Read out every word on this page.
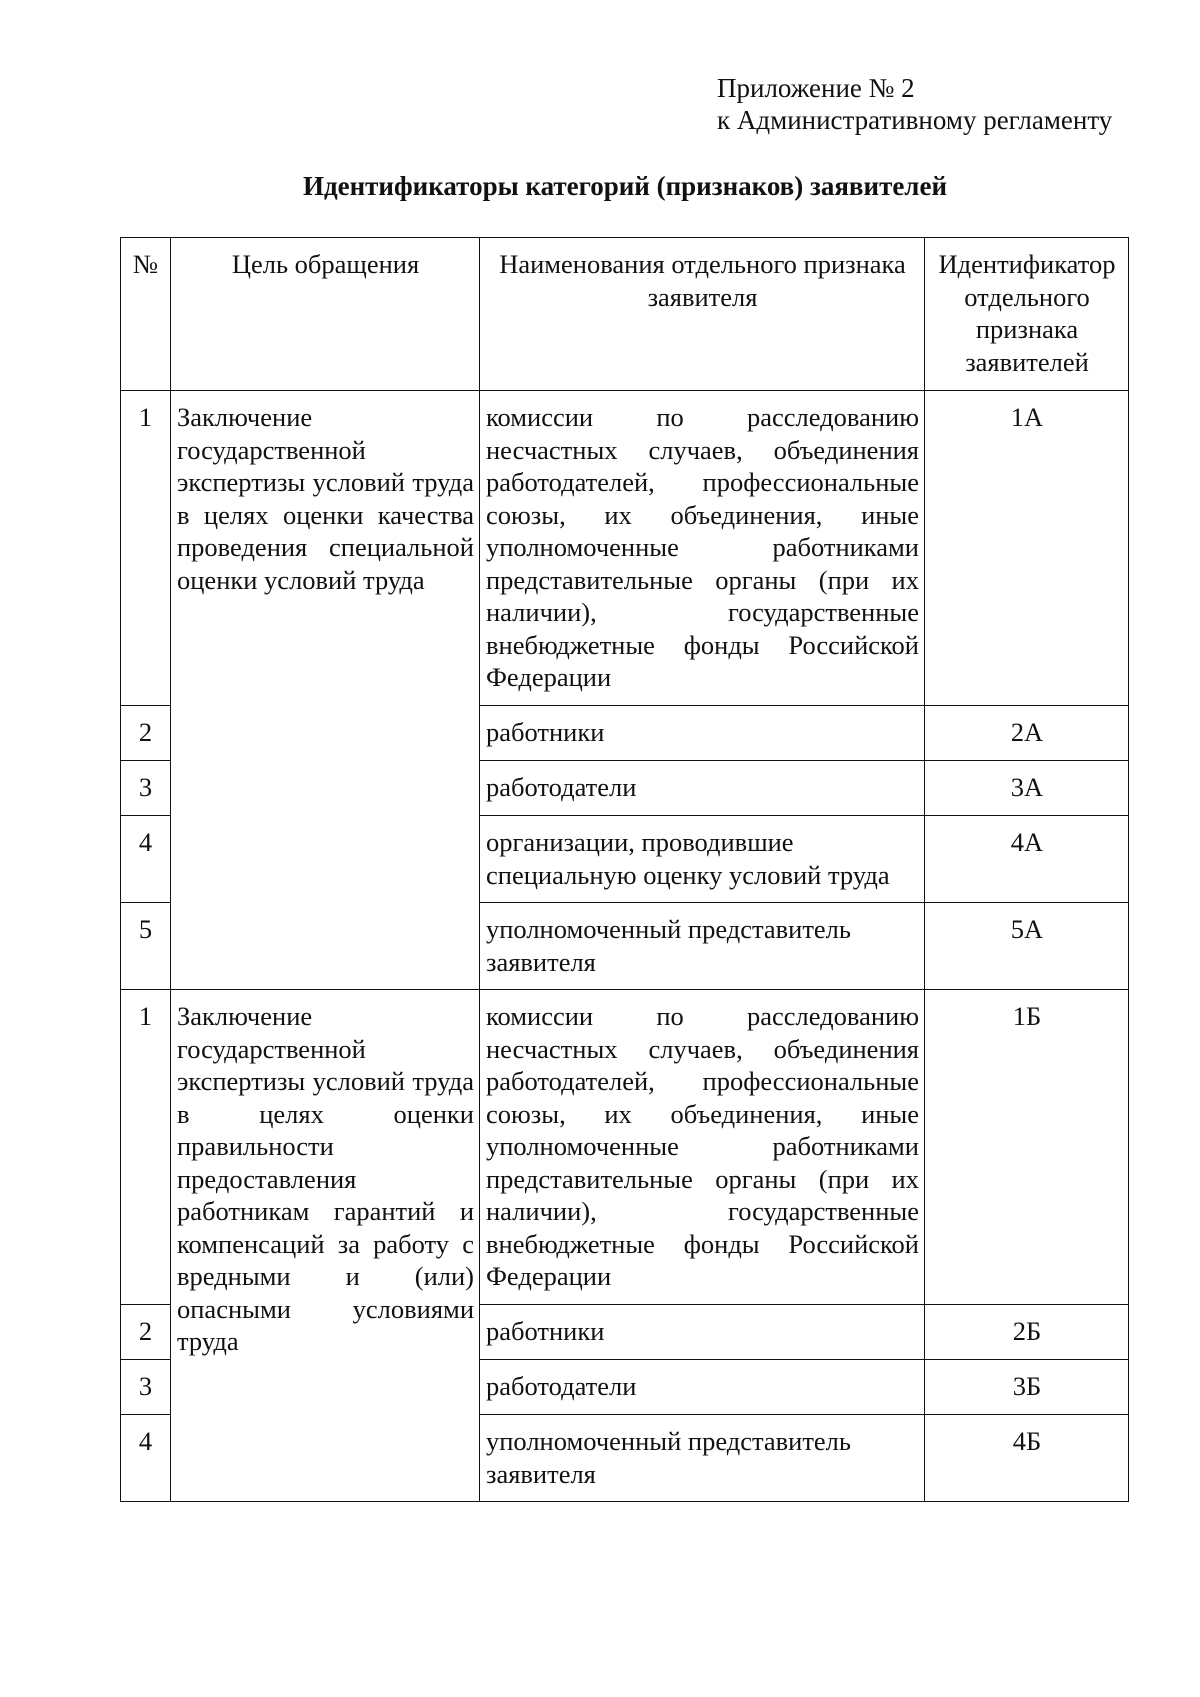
Приложение № 2
к Административному регламенту
Идентификаторы категорий (признаков) заявителей
№	Цель обращения	Наименования отдельного признака заявителя	Идентификатор отдельного признака заявителей
1	Заключение государственной экспертизы условий труда в целях оценки качества проведения специальной оценки условий труда	комиссии по расследованию несчастных случаев, объединения работодателей, профессиональные союзы, их объединения, иные уполномоченные работниками представительные органы (при их наличии), государственные внебюджетные фонды Российской Федерации	1А
2		работники	2А
3		работодатели	3А
4		организации, проводившие специальную оценку условий труда	4А
5		уполномоченный представитель заявителя	5А
1	Заключение государственной экспертизы условий труда в целях оценки правильности предоставления работникам гарантий и компенсаций за работу с вредными и (или) опасными условиями труда	комиссии по расследованию несчастных случаев, объединения работодателей, профессиональные союзы, их объединения, иные уполномоченные работниками представительные органы (при их наличии), государственные внебюджетные фонды Российской Федерации	1Б
2		работники	2Б
3		работодатели	3Б
4		уполномоченный представитель заявителя	4Б
